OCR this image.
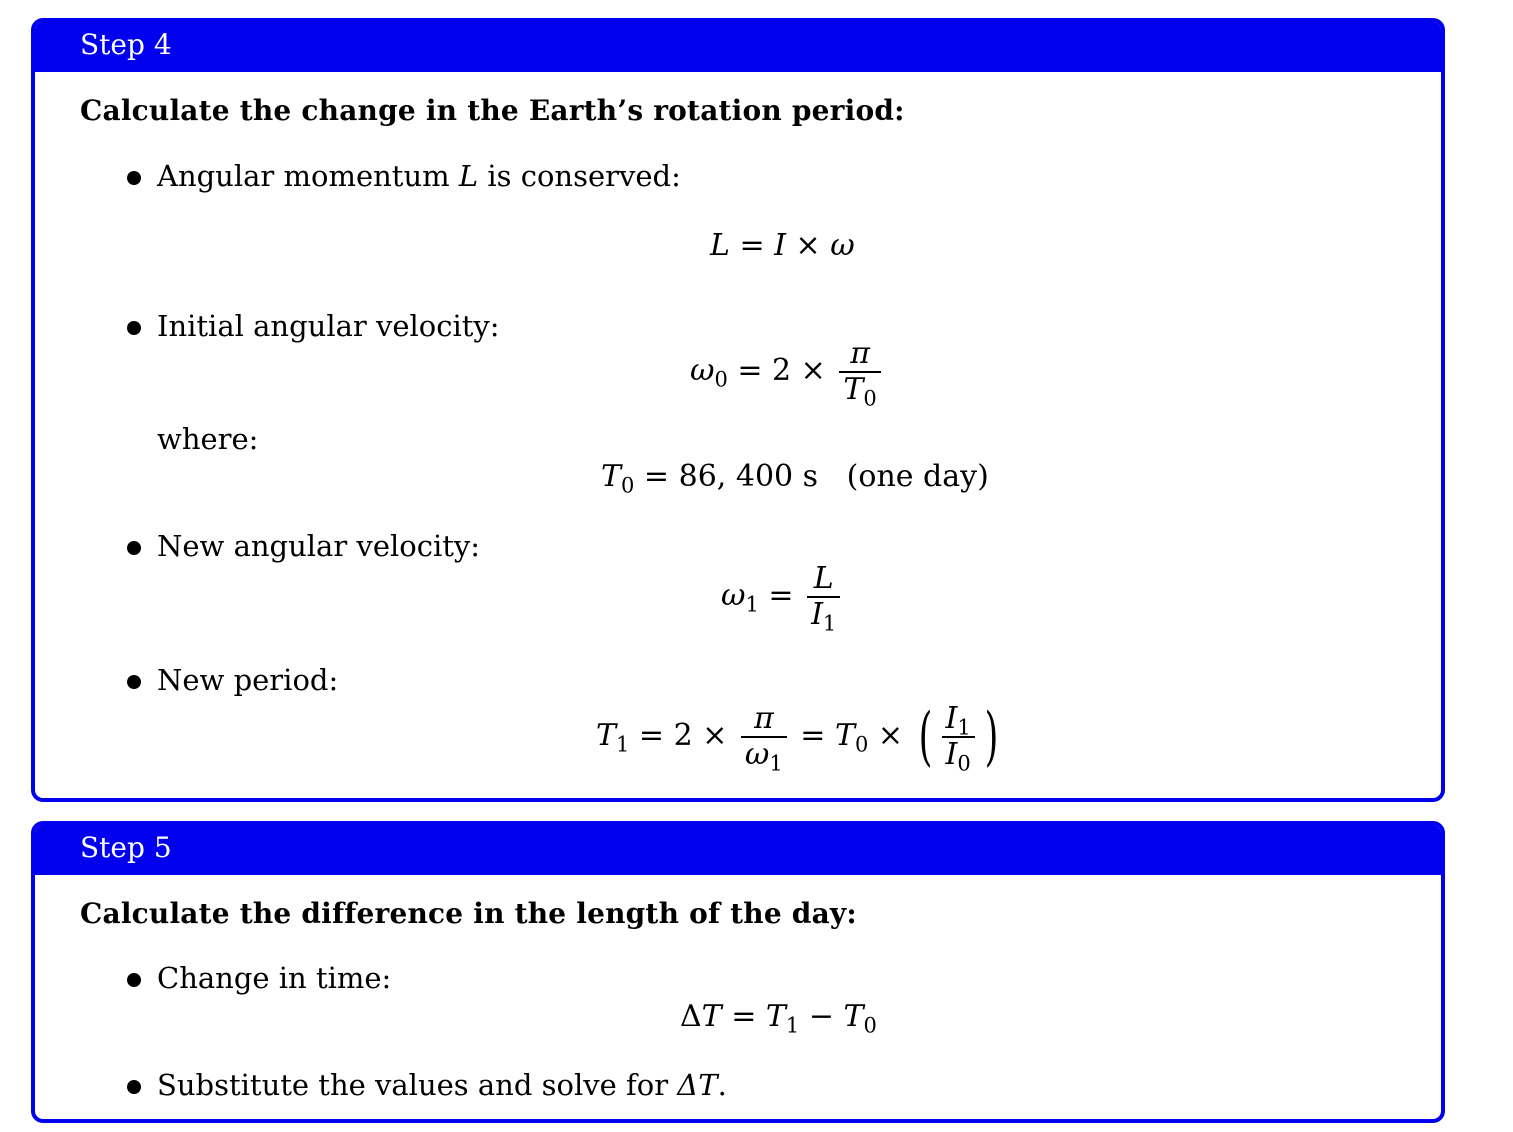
Step 4
Calculate the change in the Earth’s rotation period:
Angular momentum L is conserved:
L = I × ω
Initial angular velocity:
$\omega_0 = 2 \times \frac{\pi}{T_0}$
where:
$T_0 = 86$, 400 s (one day)
New angular velocity:
$\omega_1 = \frac{L}{I_1}$
New period:
$T_1 = 2 \times \frac{\pi}{\omega_1} = T_0$ × ( $\frac{I_1}{I_0}$ )
Step 5
Calculate the difference in the length of the day:
Change in time:
$\Delta T = T_1 - T_0$
Substitute the values and solve for ΔT.
